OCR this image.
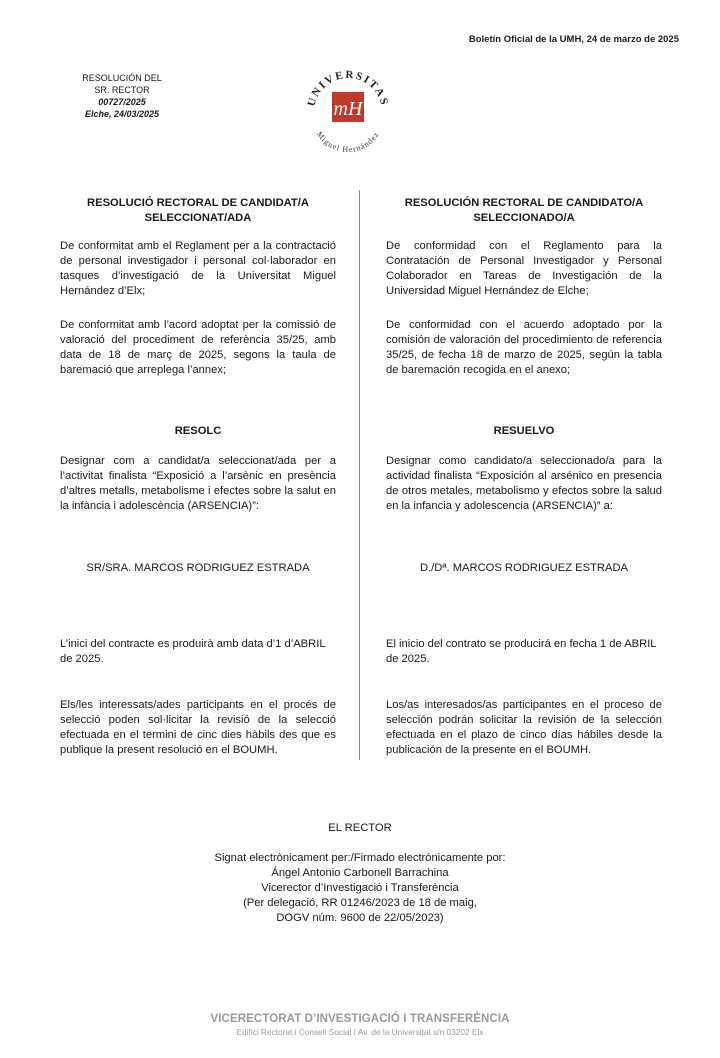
Boletín Oficial de la UMH, 24 de marzo de 2025
RESOLUCIÓN DEL
SR. RECTOR
00727/2025
Elche, 24/03/2025
UNIVERSITAS
Miguel Hernández
mH
RESOLUCIÓ RECTORAL DE CANDIDAT/A
SELECCIONAT/ADA
De conformitat amb el Reglament per a la contractació de personal investigador i personal col·laborador en tasques d’investigació de la Universitat Miguel Hernández d’Elx;
De conformitat amb l’acord adoptat per la comissió de valoració del procediment de referència 35/25, amb data de 18 de març de 2025, segons la taula de baremació que arreplega l’annex;
RESOLC
Designar com a candidat/a seleccionat/ada per a l’activitat finalista “Exposició a l’arsènic en presència d’altres metalls, metabolisme i efectes sobre la salut en la infància i adolescència (ARSENCIA)”:
SR/SRA. MARCOS RODRIGUEZ ESTRADA
L’inici del contracte es produirà amb data d’1 d’ABRIL de 2025.
Els/les interessats/ades participants en el procés de selecció poden sol·licitar la revisió de la selecció efectuada en el termini de cinc dies hàbils des que es publique la present resolució en el BOUMH.
RESOLUCIÓN RECTORAL DE CANDIDATO/A
SELECCIONADO/A
De conformidad con el Reglamento para la Contratación de Personal Investigador y Personal Colaborador en Tareas de Investigación de la Universidad Miguel Hernández de Elche;
De conformidad con el acuerdo adoptado por la comisión de valoración del procedimiento de referencia 35/25, de fecha 18 de marzo de 2025, según la tabla de baremación recogida en el anexo;
RESUELVO
Designar como candidato/a seleccionado/a para la actividad finalista “Exposición al arsénico en presencia de otros metales, metabolismo y efectos sobre la salud en la infancia y adolescencia (ARSENCIA)” a:
D./Dª. MARCOS RODRIGUEZ ESTRADA
El inicio del contrato se producirá en fecha 1 de ABRIL de 2025.
Los/as interesados/as participantes en el proceso de selección podrán solicitar la revisión de la selección efectuada en el plazo de cinco días hábiles desde la publicación de la presente en el BOUMH.
EL RECTOR
Signat electrònicament per:/Firmado electrónicamente por:
Ángel Antonio Carbonell Barrachina
Vicerector d’Investigació i Transferència
(Per delegació, RR 01246/2023 de 18 de maig,
DOGV núm. 9600 de 22/05/2023)
VICERECTORAT D’INVESTIGACIÓ I TRANSFERÈNCIA
Edifici Rectorat i Consell Social I Av. de la Universitat s/n 03202 Elx
